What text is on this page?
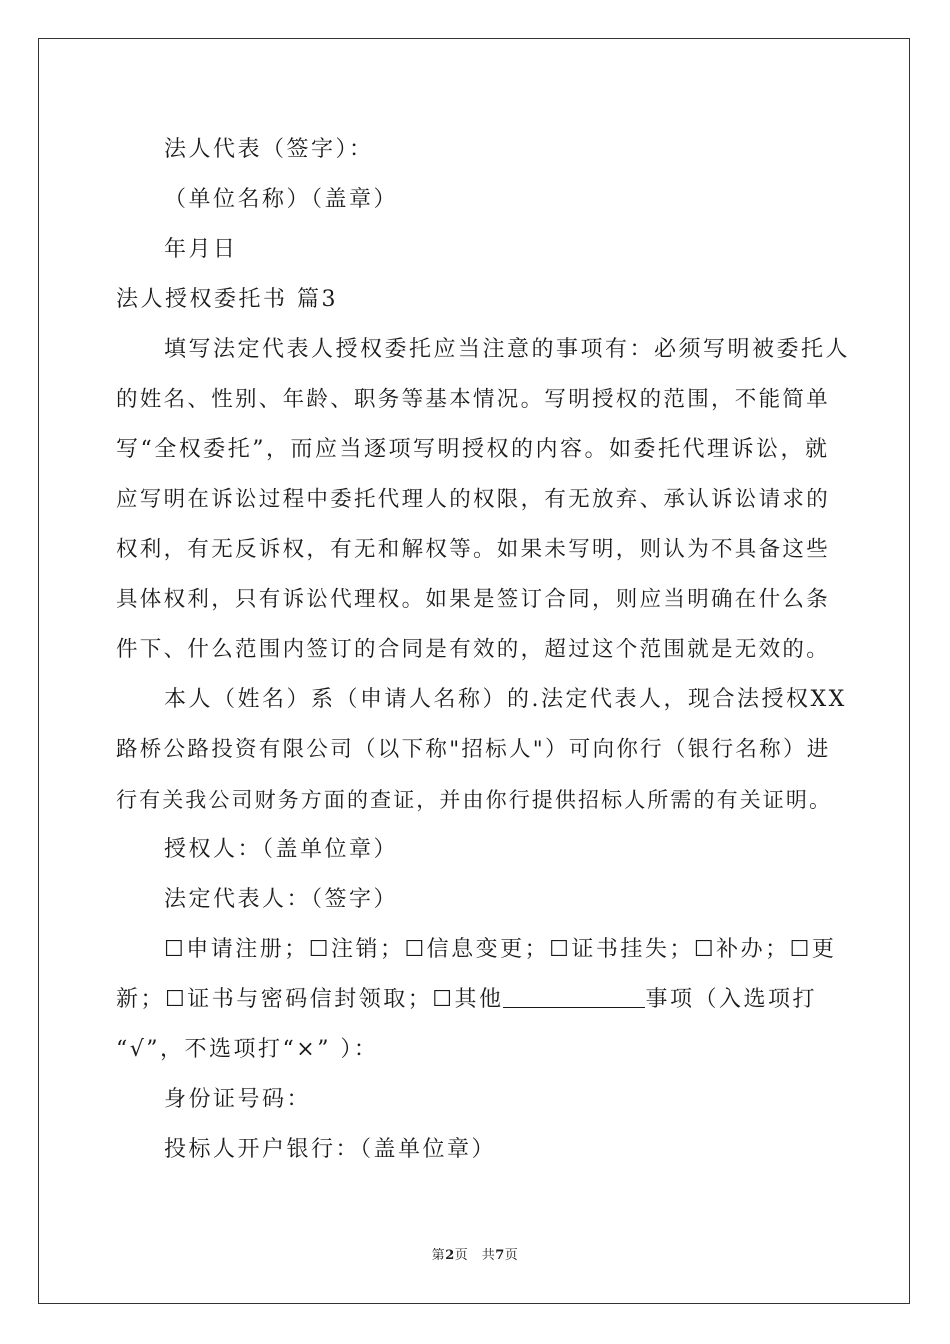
法人代表（签字）：

（单位名称）（盖章）

年月日

法人授权委托书 篇3

填写法定代表人授权委托应当注意的事项有：必须写明被委托人

的姓名、性别、年龄、职务等基本情况。写明授权的范围，不能简单

写“全权委托”，而应当逐项写明授权的内容。如委托代理诉讼，就

应写明在诉讼过程中委托代理人的权限，有无放弃、承认诉讼请求的

权利，有无反诉权，有无和解权等。如果未写明，则认为不具备这些

具体权利，只有诉讼代理权。如果是签订合同，则应当明确在什么条

件下、什么范围内签订的合同是有效的，超过这个范围就是无效的。

本人（姓名）系（申请人名称）的.法定代表人，现合法授权XX

路桥公路投资有限公司（以下称"招标人"）可向你行（银行名称）进

行有关我公司财务方面的查证，并由你行提供招标人所需的有关证明。

授权人：（盖单位章）

法定代表人：（签字）

☐申请注册；☐注销；☐信息变更；☐证书挂失；☐补办；☐更

新；☐证书与密码信封领取；☐其他	事项（入选项打

“√”，不选项打“×” ）：

身份证号码：

投标人开户银行：（盖单位章）

第2页　共7页
